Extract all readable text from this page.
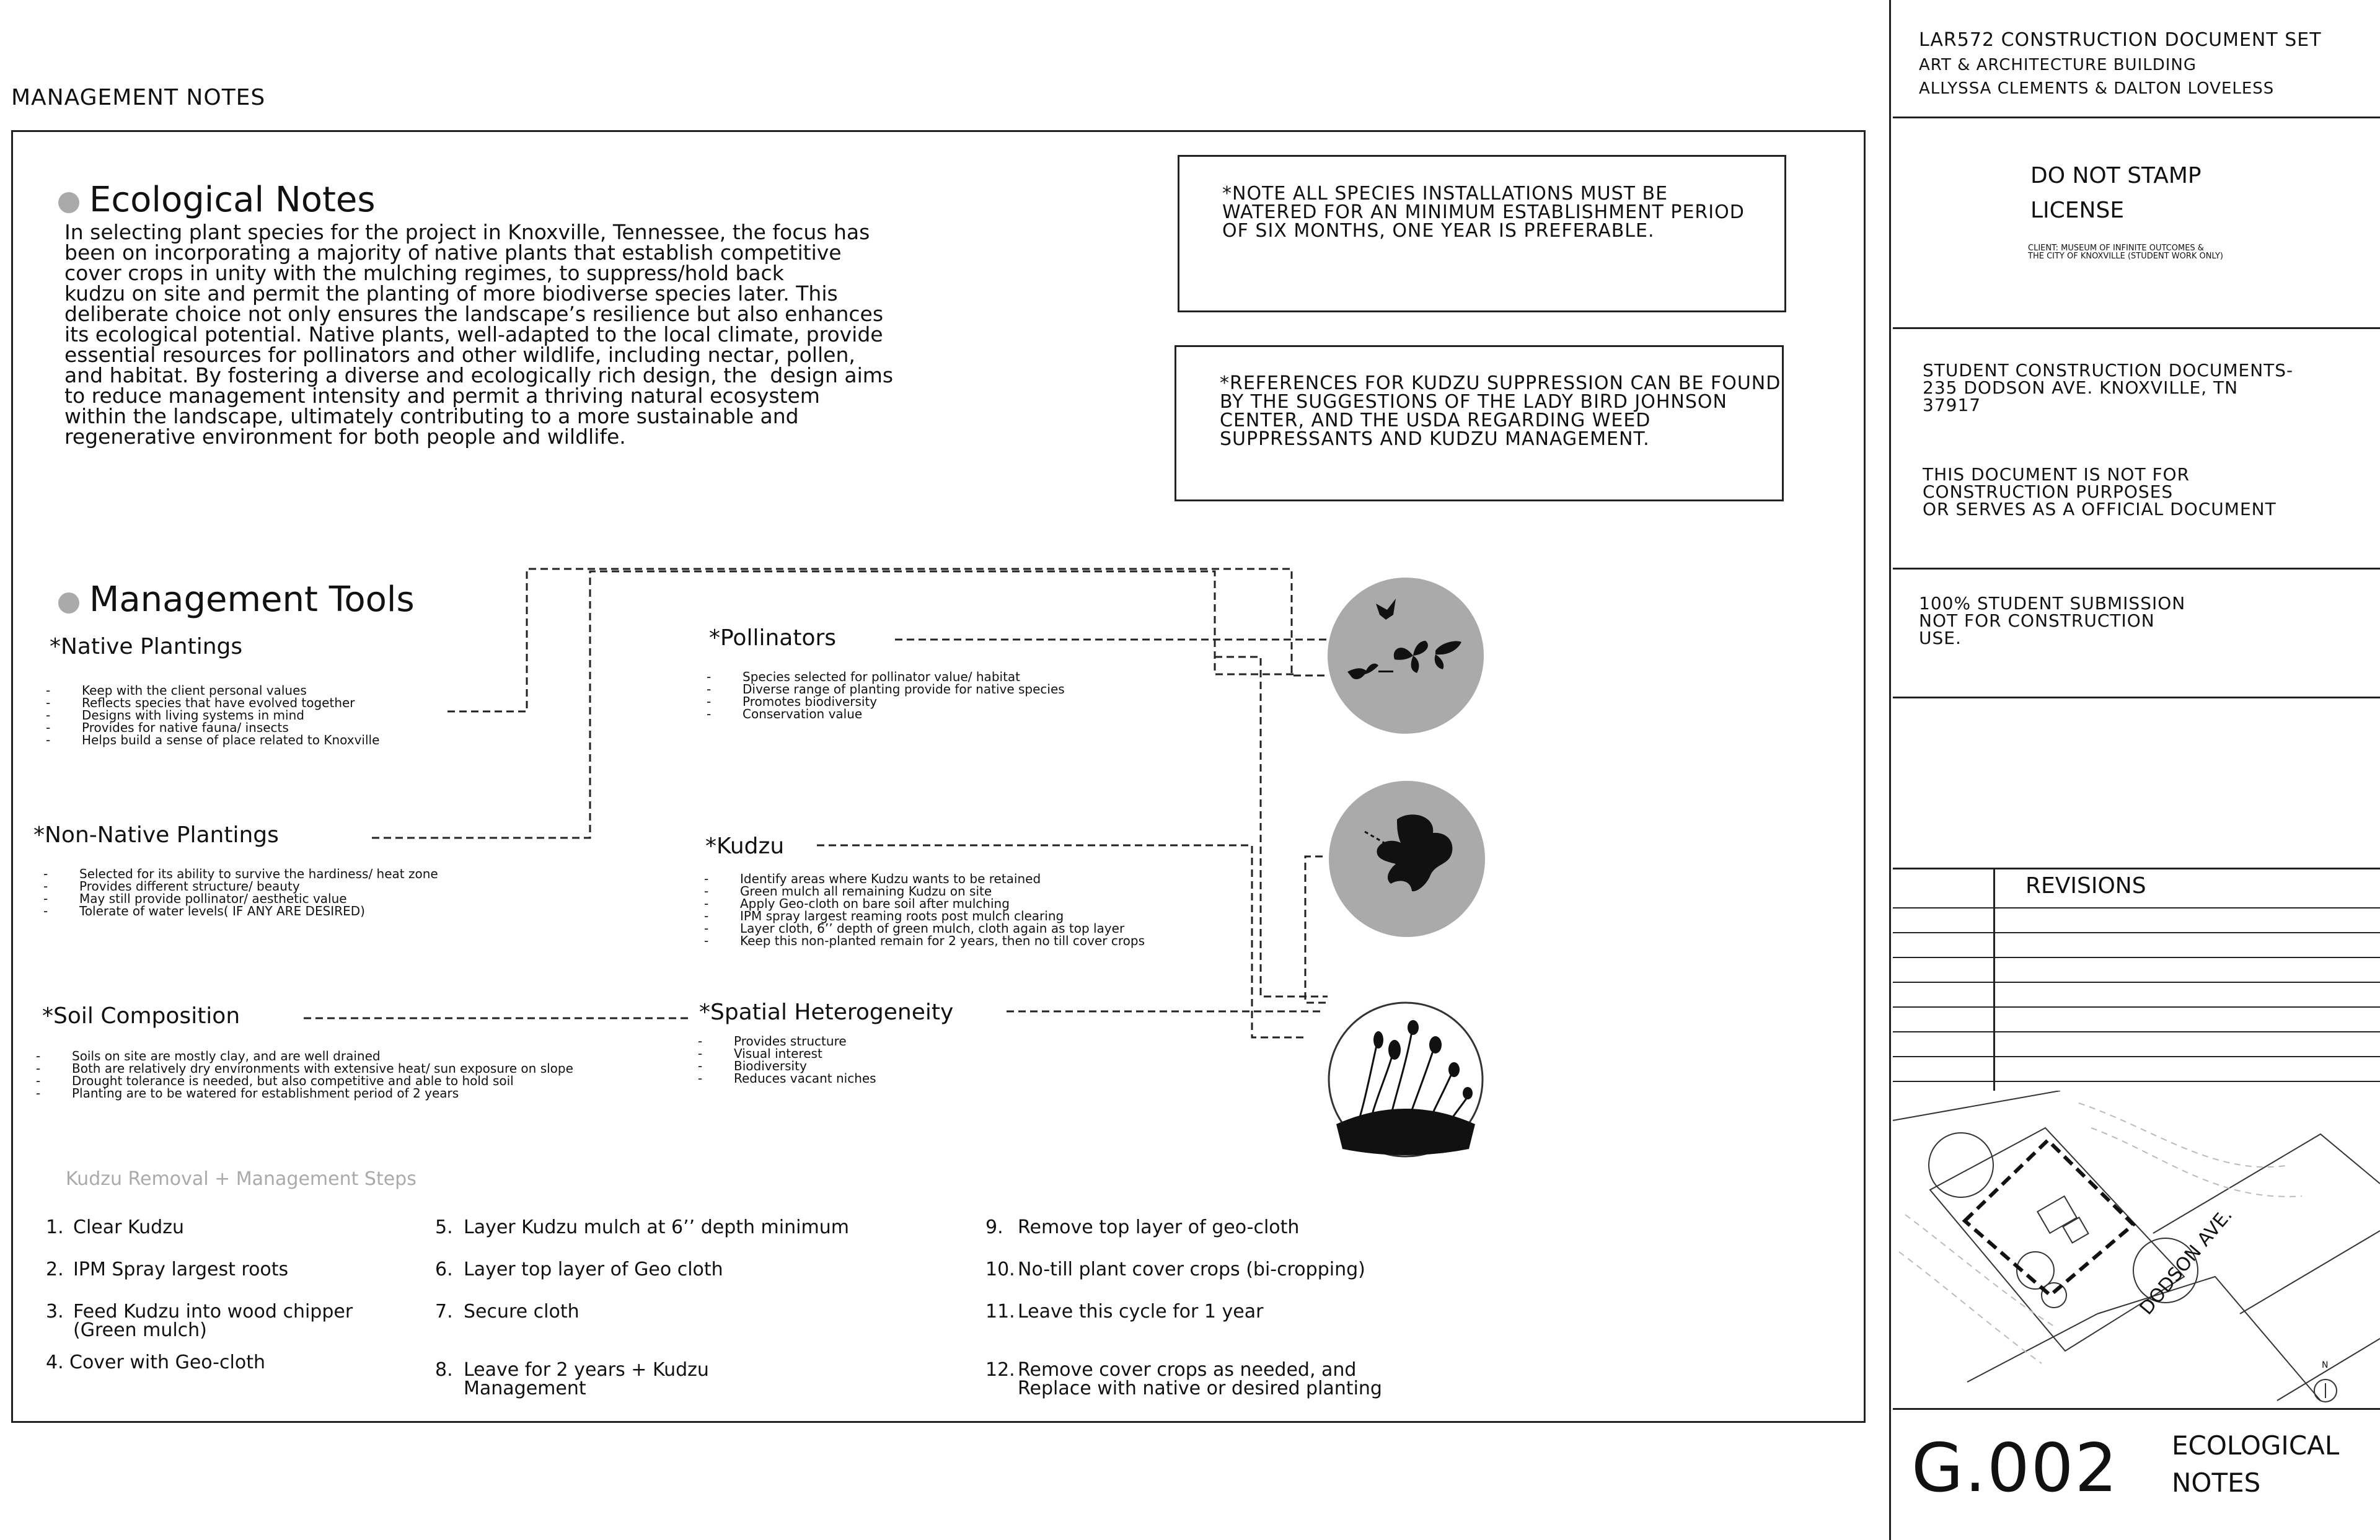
MANAGEMENT NOTES
Ecological Notes
In selecting plant species for the project in Knoxville, Tennessee, the focus has
been on incorporating a majority of native plants that establish competitive
cover crops in unity with the mulching regimes, to suppress/hold back
kudzu on site and permit the planting of more biodiverse species later. This
deliberate choice not only ensures the landscape’s resilience but also enhances
its ecological potential. Native plants, well-adapted to the local climate, provide
essential resources for pollinators and other wildlife, including nectar, pollen,
and habitat. By fostering a diverse and ecologically rich design, the  design aims
to reduce management intensity and permit a thriving natural ecosystem
within the landscape, ultimately contributing to a more sustainable and
regenerative environment for both people and wildlife.
*NOTE ALL SPECIES INSTALLATIONS MUST BE
WATERED FOR AN MINIMUM ESTABLISHMENT PERIOD
OF SIX MONTHS, ONE YEAR IS PREFERABLE.
*REFERENCES FOR KUDZU SUPPRESSION CAN BE FOUND
BY THE SUGGESTIONS OF THE LADY BIRD JOHNSON
CENTER, AND THE USDA REGARDING WEED
SUPPRESSANTS AND KUDZU MANAGEMENT.
Management Tools
*Native Plantings
-	Keep with the client personal values
-	Reflects species that have evolved together
-	Designs with living systems in mind
-	Provides for native fauna/ insects
-	Helps build a sense of place related to Knoxville
*Non-Native Plantings
-	Selected for its ability to survive the hardiness/ heat zone
-	Provides different structure/ beauty
-	May still provide pollinator/ aesthetic value
-	Tolerate of water levels( IF ANY ARE DESIRED)
*Soil Composition
-	Soils on site are mostly clay, and are well drained
-	Both are relatively dry environments with extensive heat/ sun exposure on slope
-	Drought tolerance is needed, but also competitive and able to hold soil
-	Planting are to be watered for establishment period of 2 years
*Pollinators
-	Species selected for pollinator value/ habitat
-	Diverse range of planting provide for native species
-	Promotes biodiversity
-	Conservation value
*Kudzu
-	Identify areas where Kudzu wants to be retained
-	Green mulch all remaining Kudzu on site
-	Apply Geo-cloth on bare soil after mulching
-	IPM spray largest reaming roots post mulch clearing
-	Layer cloth, 6’’ depth of green mulch, cloth again as top layer
-	Keep this non-planted remain for 2 years, then no till cover crops
*Spatial Heterogeneity
-	Provides structure
-	Visual interest
-	Biodiversity
-	Reduces vacant niches
Kudzu Removal + Management Steps
1. Clear Kudzu
2. IPM Spray largest roots
3. Feed Kudzu into wood chipper
(Green mulch)
4. Cover with Geo-cloth
5. Layer Kudzu mulch at 6’’ depth minimum
6. Layer top layer of Geo cloth
7. Secure cloth
8. Leave for 2 years + Kudzu
Management
9. Remove top layer of geo-cloth
10. No-till plant cover crops (bi-cropping)
11. Leave this cycle for 1 year
12. Remove cover crops as needed, and
Replace with native or desired planting
LAR572 CONSTRUCTION DOCUMENT SET
ART & ARCHITECTURE BUILDING
ALLYSSA CLEMENTS & DALTON LOVELESS
DO NOT STAMP
LICENSE
CLIENT: MUSEUM OF INFINITE OUTCOMES &
THE CITY OF KNOXVILLE (STUDENT WORK ONLY)
STUDENT CONSTRUCTION DOCUMENTS-
235 DODSON AVE. KNOXVILLE, TN
37917
THIS DOCUMENT IS NOT FOR
CONSTRUCTION PURPOSES
OR SERVES AS A OFFICIAL DOCUMENT
100% STUDENT SUBMISSION
NOT FOR CONSTRUCTION
USE.
REVISIONS
DODSON AVE.
N
G.002 ECOLOGICAL
NOTES
